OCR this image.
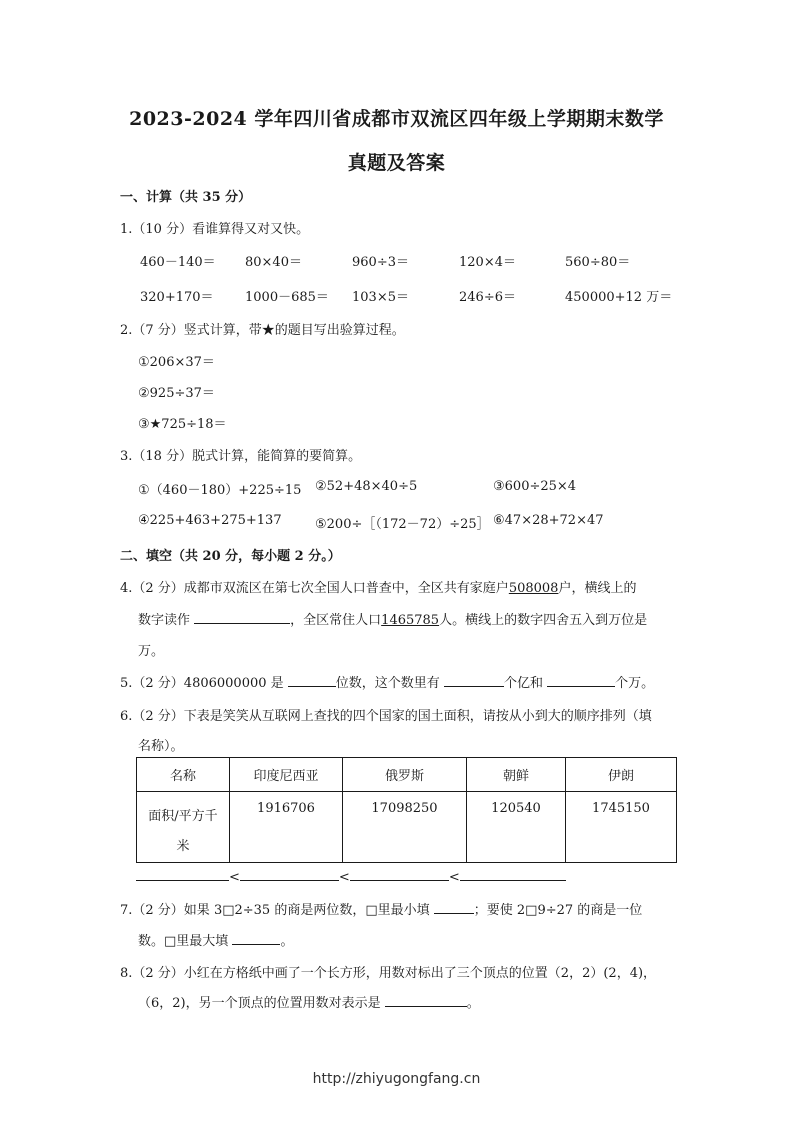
2023-2024 学年四川省成都市双流区四年级上学期期末数学
真题及答案
一、计算（共 35 分）
1.（10 分）看谁算得又对又快。
460－140＝ 80×40＝	960÷3＝	120×4＝	560÷80＝
320+170＝ 1000－685＝ 103×5＝	246÷6＝	450000+12 万＝
2.（7 分）竖式计算，带★的题目写出验算过程。
①206×37＝
②925÷37＝
③★725÷18＝
3.（18 分）脱式计算，能简算的要简算。
①（460－180）+225÷15 ②52+48×40÷5	③600÷25×4
④225+463+275+137	⑤200÷［（172－72）÷25］ ⑥47×28+72×47
二、填空（共 20 分，每小题 2 分。）
4.（2 分）成都市双流区在第七次全国人口普查中，全区共有家庭户508008户，横线上的
数字读作	，全区常住人口1465785人。横线上的数字四舍五入到万位是
万。
5.（2 分）4806000000 是	位数，这个数里有	个亿和	个万。
6.（2 分）下表是笑笑从互联网上查找的四个国家的国土面积，请按从小到大的顺序排列（填
名称）。
名称	印度尼西亚	俄罗斯	朝鲜	伊朗
面积/平方千
米	1916706	17098250	120540	1745150
<	<	<
7.（2 分）如果 3□2÷35 的商是两位数，□里最小填	；要使 2□9÷27 的商是一位
数。□里最大填	。
8.（2 分）小红在方格纸中画了一个长方形，用数对标出了三个顶点的位置（2，2）(2，4)，
（6，2)，另一个顶点的位置用数对表示是	。
http://zhiyugongfang.cn
